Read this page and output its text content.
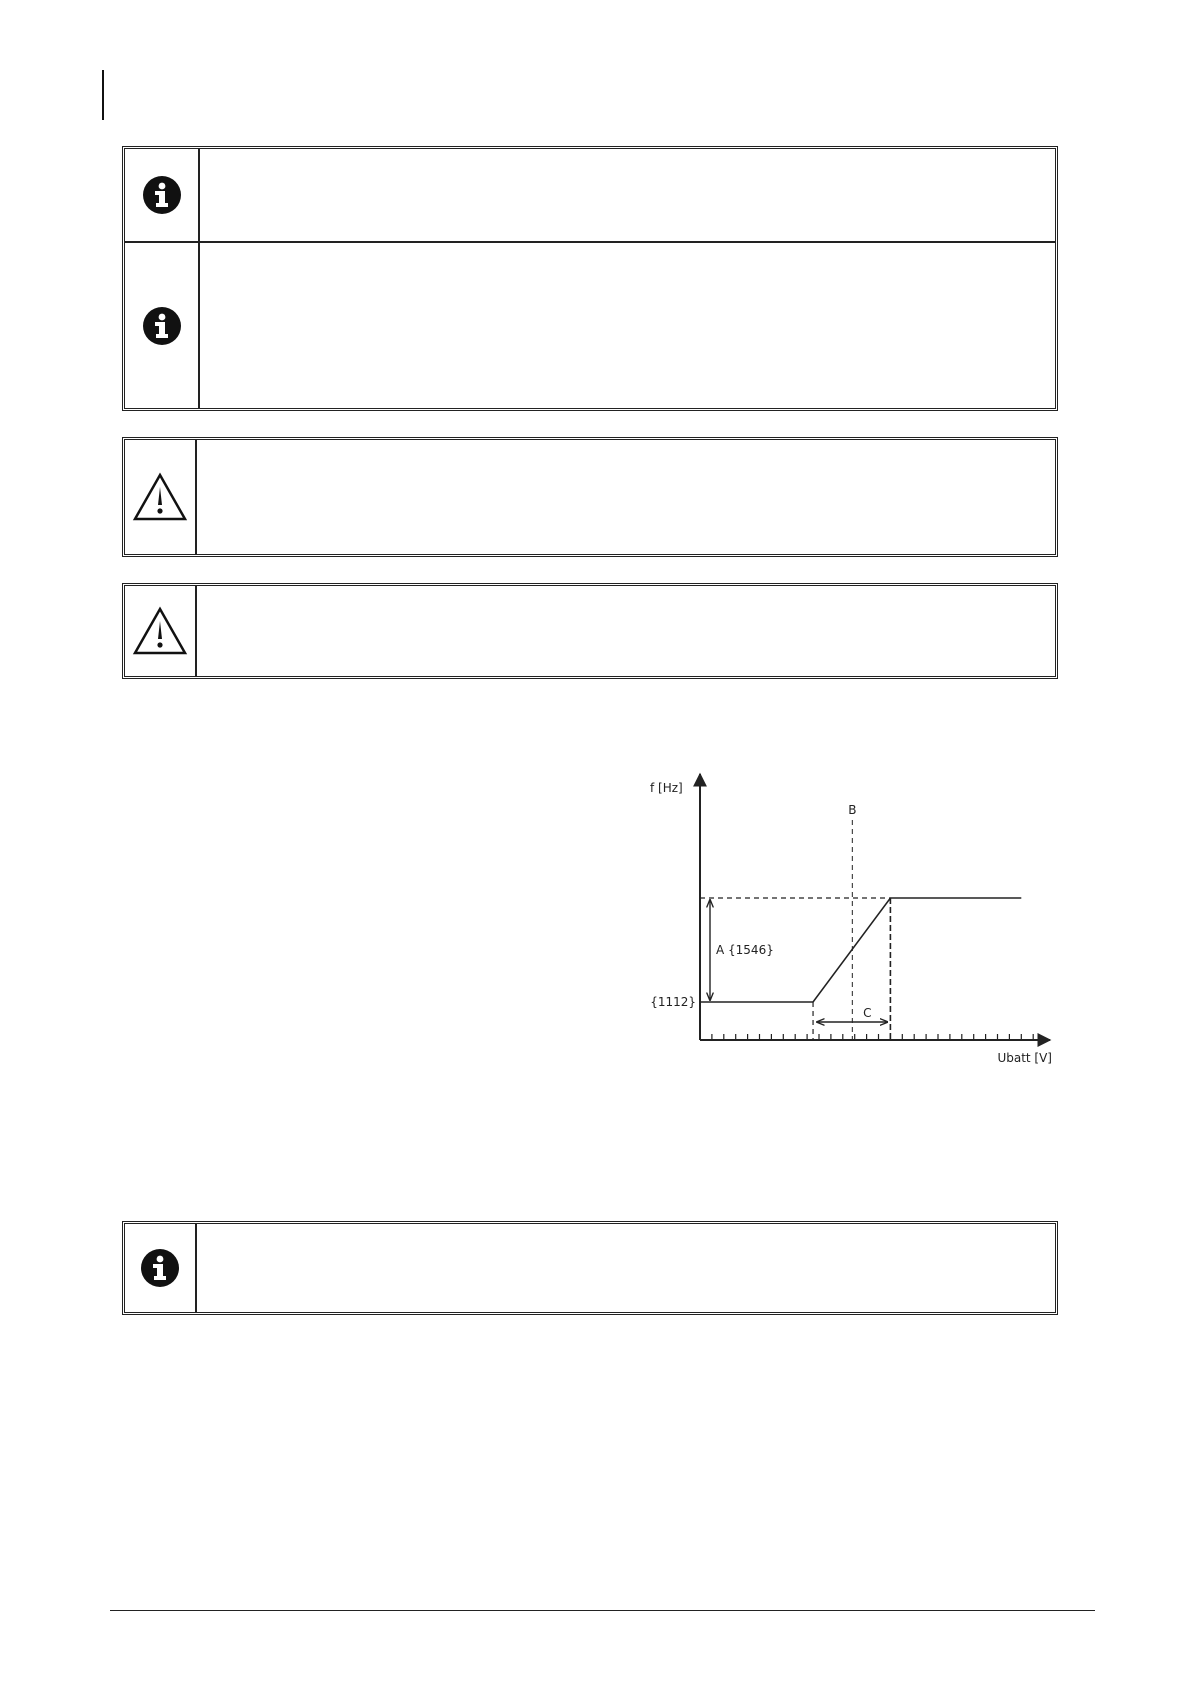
f [Hz]
Ubatt [V]
A {1546}
{1112}
B
C
